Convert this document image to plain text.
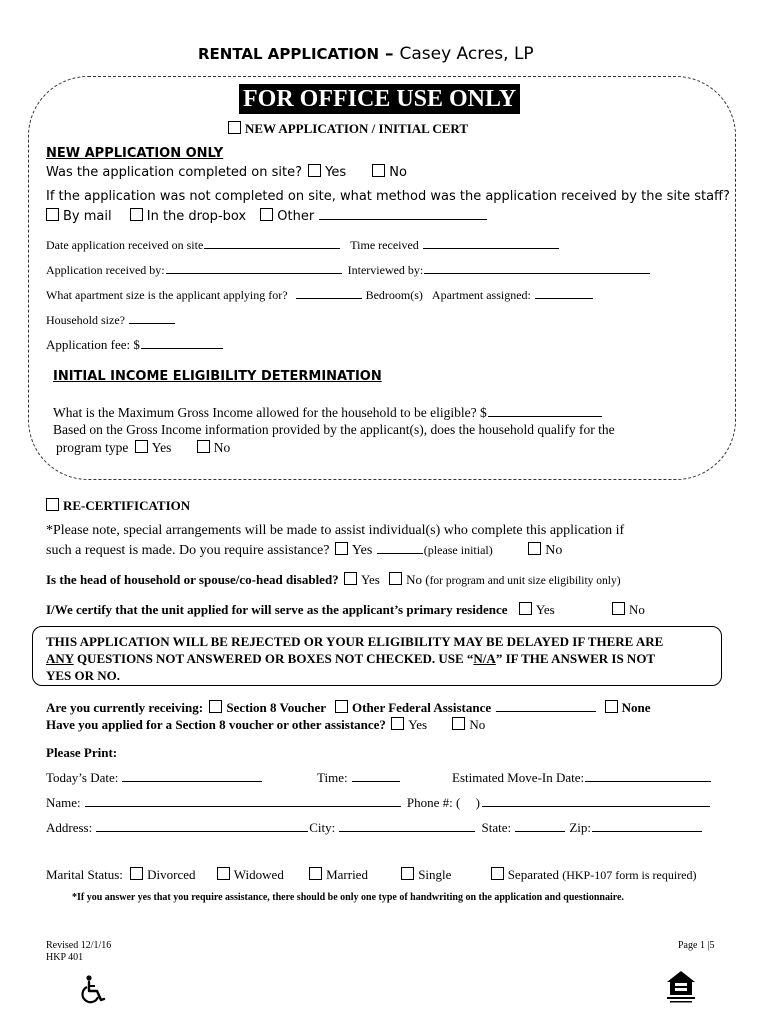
RENTAL APPLICATION – Casey Acres, LP
FOR OFFICE USE ONLY
NEW APPLICATION / INITIAL CERT
NEW APPLICATION ONLY
Was the application completed on site? Yes	No
If the application was not completed on site, what method was the application received by the site staff?
By mail	In the drop-box Other
Date application received on site	Time received
Application received by:	Interviewed by:
What apartment size is the applicant applying for?	Bedroom(s) Apartment assigned:
Household size?
Application fee: $
INITIAL INCOME ELIGIBILITY DETERMINATION
What is the Maximum Gross Income allowed for the household to be eligible? $
Based on the Gross Income information provided by the applicant(s), does the household qualify for the
program type Yes	No
RE-CERTIFICATION
*Please note, special arrangements will be made to assist individual(s) who complete this application if
such a request is made. Do you require assistance? Yes	(please initial)	No
Is the head of household or spouse/co-head disabled? Yes No (for program and unit size eligibility only)
I/We certify that the unit applied for will serve as the applicant’s primary residence Yes	No
THIS APPLICATION WILL BE REJECTED OR YOUR ELIGIBILITY MAY BE DELAYED IF THERE ARE
ANY QUESTIONS NOT ANSWERED OR BOXES NOT CHECKED. USE “N/A” IF THE ANSWER IS NOT
YES OR NO.
Are you currently receiving: Section 8 Voucher Other Federal Assistance	None
Have you applied for a Section 8 voucher or other assistance? Yes	No
Please Print:
Today’s Date:	Time:	Estimated Move-In Date:
Name:	Phone #: ( )
Address:	City:	State:	Zip:
Marital Status: Divorced	Widowed	Married	Single	Separated (HKP-107 form is required)
*If you answer yes that you require assistance, there should be only one type of handwriting on the application and questionnaire.
Revised 12/1/16
HKP 401
Page 1 |5
